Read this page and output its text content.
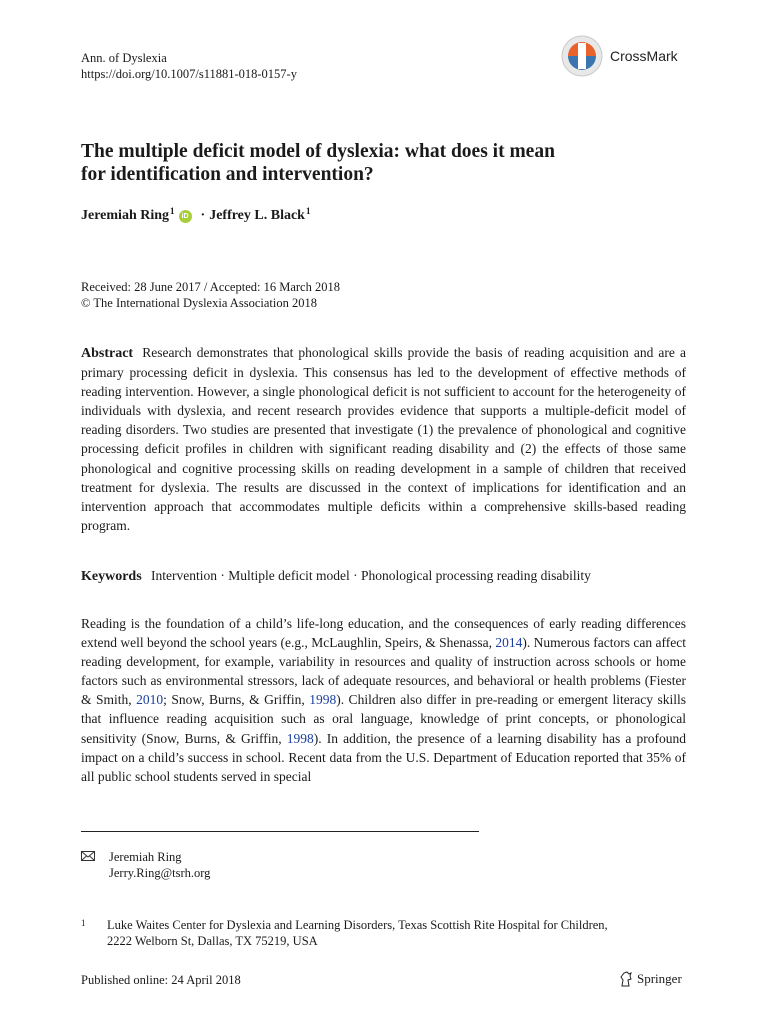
Ann. of Dyslexia
https://doi.org/10.1007/s11881-018-0157-y
CrossMark
The multiple deficit model of dyslexia: what does it mean
for identification and intervention?
Jeremiah Ring$^1$	iD · Jeffrey L. Black$^1$
Received: 28 June 2017 / Accepted: 16 March 2018
© The International Dyslexia Association 2018
Abstract Research demonstrates that phonological skills provide the basis of reading acquisition and are a primary processing deficit in dyslexia. This consensus has led to the development of effective methods of reading intervention. However, a single phonological deficit is not sufficient to account for the heterogeneity of individuals with dyslexia, and recent research provides evidence that supports a multiple-deficit model of reading disorders. Two studies are presented that investigate (1) the prevalence of phonological and cognitive processing deficit profiles in children with significant reading disability and (2) the effects of those same phonological and cognitive processing skills on reading development in a sample of children that received treatment for dyslexia. The results are discussed in the context of implications for identification and an intervention approach that accommodates multiple deficits within a comprehensive skills-based reading program.
Keywords Intervention · Multiple deficit model · Phonological processing reading disability
Reading is the foundation of a child’s life-long education, and the consequences of early reading differences extend well beyond the school years (e.g., McLaughlin, Speirs, & Shenassa, 2014). Numerous factors can affect reading development, for example, variability in resources and quality of instruction across schools or home factors such as environmental stressors, lack of adequate resources, and behavioral or health problems (Fiester & Smith, 2010; Snow, Burns, & Griffin, 1998). Children also differ in pre-reading or emergent literacy skills that influence reading acquisition such as oral language, knowledge of print concepts, or phonological sensitivity (Snow, Burns, & Griffin, 1998). In addition, the presence of a learning disability has a profound impact on a child’s success in school. Recent data from the U.S. Department of Education reported that 35% of all public school students served in special
Jeremiah Ring
Jerry.Ring@tsrh.org
1	Luke Waites Center for Dyslexia and Learning Disorders, Texas Scottish Rite Hospital for Children,
2222 Welborn St, Dallas, TX 75219, USA
Published online: 24 April 2018	Springer
